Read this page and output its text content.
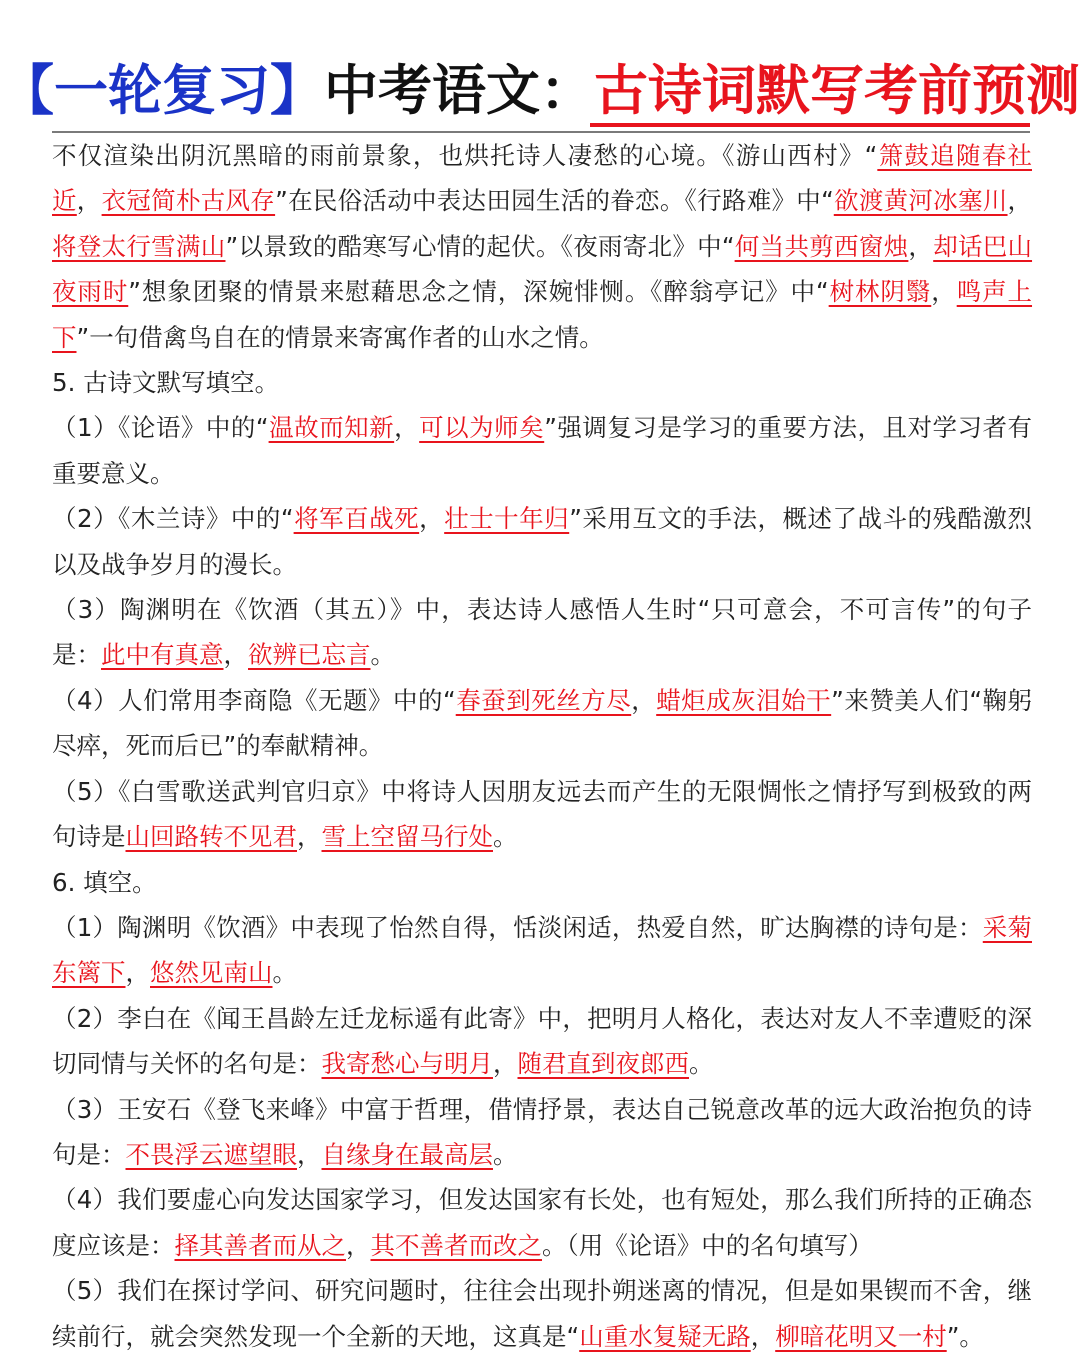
【一轮复习】中考语文：古诗词默写考前预测

不仅渲染出阴沉黑暗的雨前景象，也烘托诗人凄愁的心境。《游山西村》“箫鼓追随春社近，衣冠简朴古风存”在民俗活动中表达田园生活的眷恋。《行路难》中“欲渡黄河冰塞川，将登太行雪满山”以景致的酷寒写心情的起伏。《夜雨寄北》中“何当共剪西窗烛，却话巴山夜雨时”想象团聚的情景来慰藉思念之情，深婉悱恻。《醉翁亭记》中“树林阴翳，鸣声上下”一句借禽鸟自在的情景来寄寓作者的山水之情。

5. 古诗文默写填空。

（1）《论语》中的“温故而知新，可以为师矣”强调复习是学习的重要方法，且对学习者有重要意义。

（2）《木兰诗》中的“将军百战死，壮士十年归”采用互文的手法，概述了战斗的残酷激烈以及战争岁月的漫长。

（3）陶渊明在《饮酒（其五）》中，表达诗人感悟人生时“只可意会，不可言传”的句子是：此中有真意，欲辨已忘言。

（4）人们常用李商隐《无题》中的“春蚕到死丝方尽，蜡炬成灰泪始干”来赞美人们“鞠躬尽瘁，死而后已”的奉献精神。

（5）《白雪歌送武判官归京》中将诗人因朋友远去而产生的无限惆怅之情抒写到极致的两句诗是山回路转不见君，雪上空留马行处。

6. 填空。

（1）陶渊明《饮酒》中表现了怡然自得，恬淡闲适，热爱自然，旷达胸襟的诗句是：采菊东篱下，悠然见南山。

（2）李白在《闻王昌龄左迁龙标遥有此寄》中，把明月人格化，表达对友人不幸遭贬的深切同情与关怀的名句是：我寄愁心与明月，随君直到夜郎西。

（3）王安石《登飞来峰》中富于哲理，借情抒景，表达自己锐意改革的远大政治抱负的诗句是：不畏浮云遮望眼，自缘身在最高层。

（4）我们要虚心向发达国家学习，但发达国家有长处，也有短处，那么我们所持的正确态度应该是：择其善者而从之，其不善者而改之。（用《论语》中的名句填写）

（5）我们在探讨学问、研究问题时，往往会出现扑朔迷离的情况，但是如果锲而不舍，继续前行，就会突然发现一个全新的天地，这真是“山重水复疑无路，柳暗花明又一村”。
